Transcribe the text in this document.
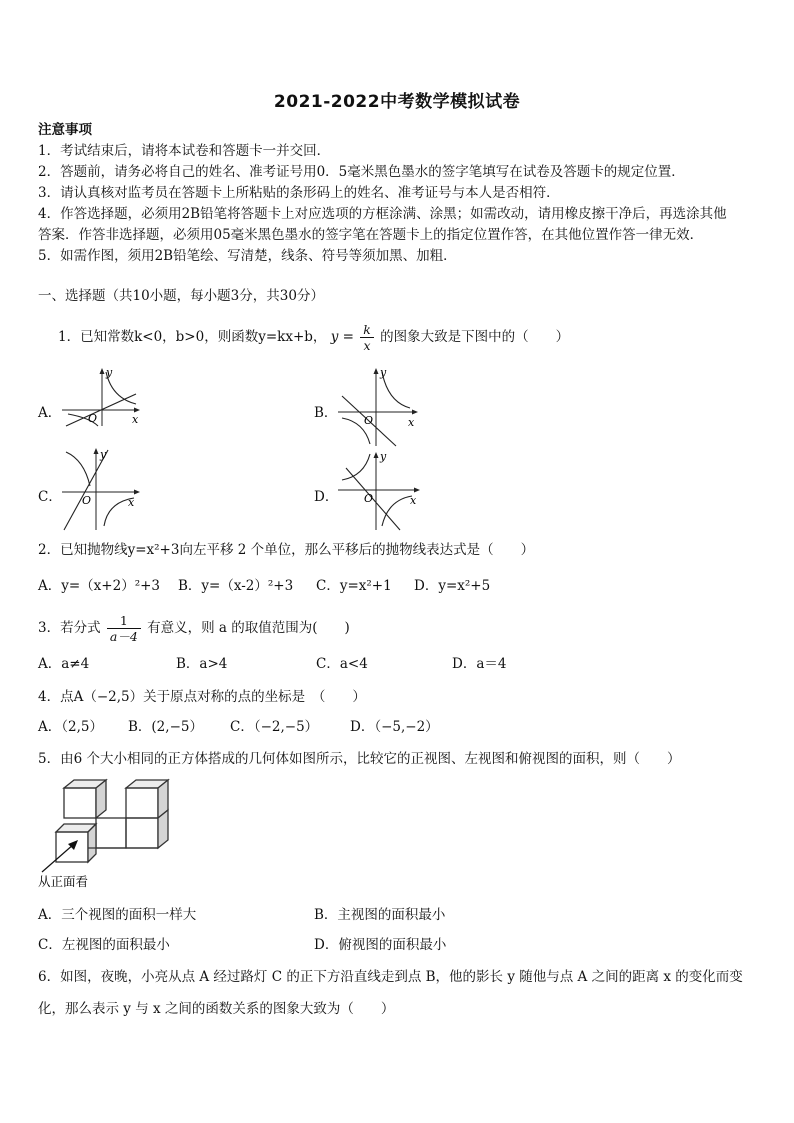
2021-2022中考数学模拟试卷
注意事项
1．考试结束后，请将本试卷和答题卡一并交回．
2．答题前，请务必将自己的姓名、准考证号用0．5毫米黑色墨水的签字笔填写在试卷及答题卡的规定位置．
3．请认真核对监考员在答题卡上所粘贴的条形码上的姓名、准考证号与本人是否相符．
4．作答选择题，必须用2B铅笔将答题卡上对应选项的方框涂满、涂黑；如需改动，请用橡皮擦干净后，再选涂其他
答案．作答非选择题，必须用05毫米黑色墨水的签字笔在答题卡上的指定位置作答，在其他位置作答一律无效．
5．如需作图，须用2B铅笔绘、写清楚，线条、符号等须加黑、加粗．
一、选择题（共10小题，每小题3分，共30分）
1．已知常数k<0，b>0，则函数y=kx+b， $y = \frac{k}{x}$ 的图象大致是下图中的（　　）
A．
y
O	x	B．
y
O	x
C．
y
O	x	D．
y
O	x
2．已知抛物线y=x²+3向左平移 2 个单位，那么平移后的抛物线表达式是（　　）
A．y=（x+2）²+3 B．y=（x-2）²+3 C．y=x²+1 D．y=x²+5
3．若分式 $\frac{1}{a-4}$ 有意义，则 a 的取值范围为(　　)
A．a≠4	B．a>4	C．a<4	D．a＝4
4．点A（−2,5）关于原点对称的点的坐标是　（　　）
A．（2,5） B．(2,−5） C．（−2,−5） D．（−5,−2）
5．由6 个大小相同的正方体搭成的几何体如图所示，比较它的正视图、左视图和俯视图的面积，则（　　）
从正面看
A．三个视图的面积一样大	B．主视图的面积最小
C．左视图的面积最小	D．俯视图的面积最小
6．如图，夜晚，小亮从点 A 经过路灯 C 的正下方沿直线走到点 B，他的影长 y 随他与点 A 之间的距离 x 的变化而变
化，那么表示 y 与 x 之间的函数关系的图象大致为（　　）
